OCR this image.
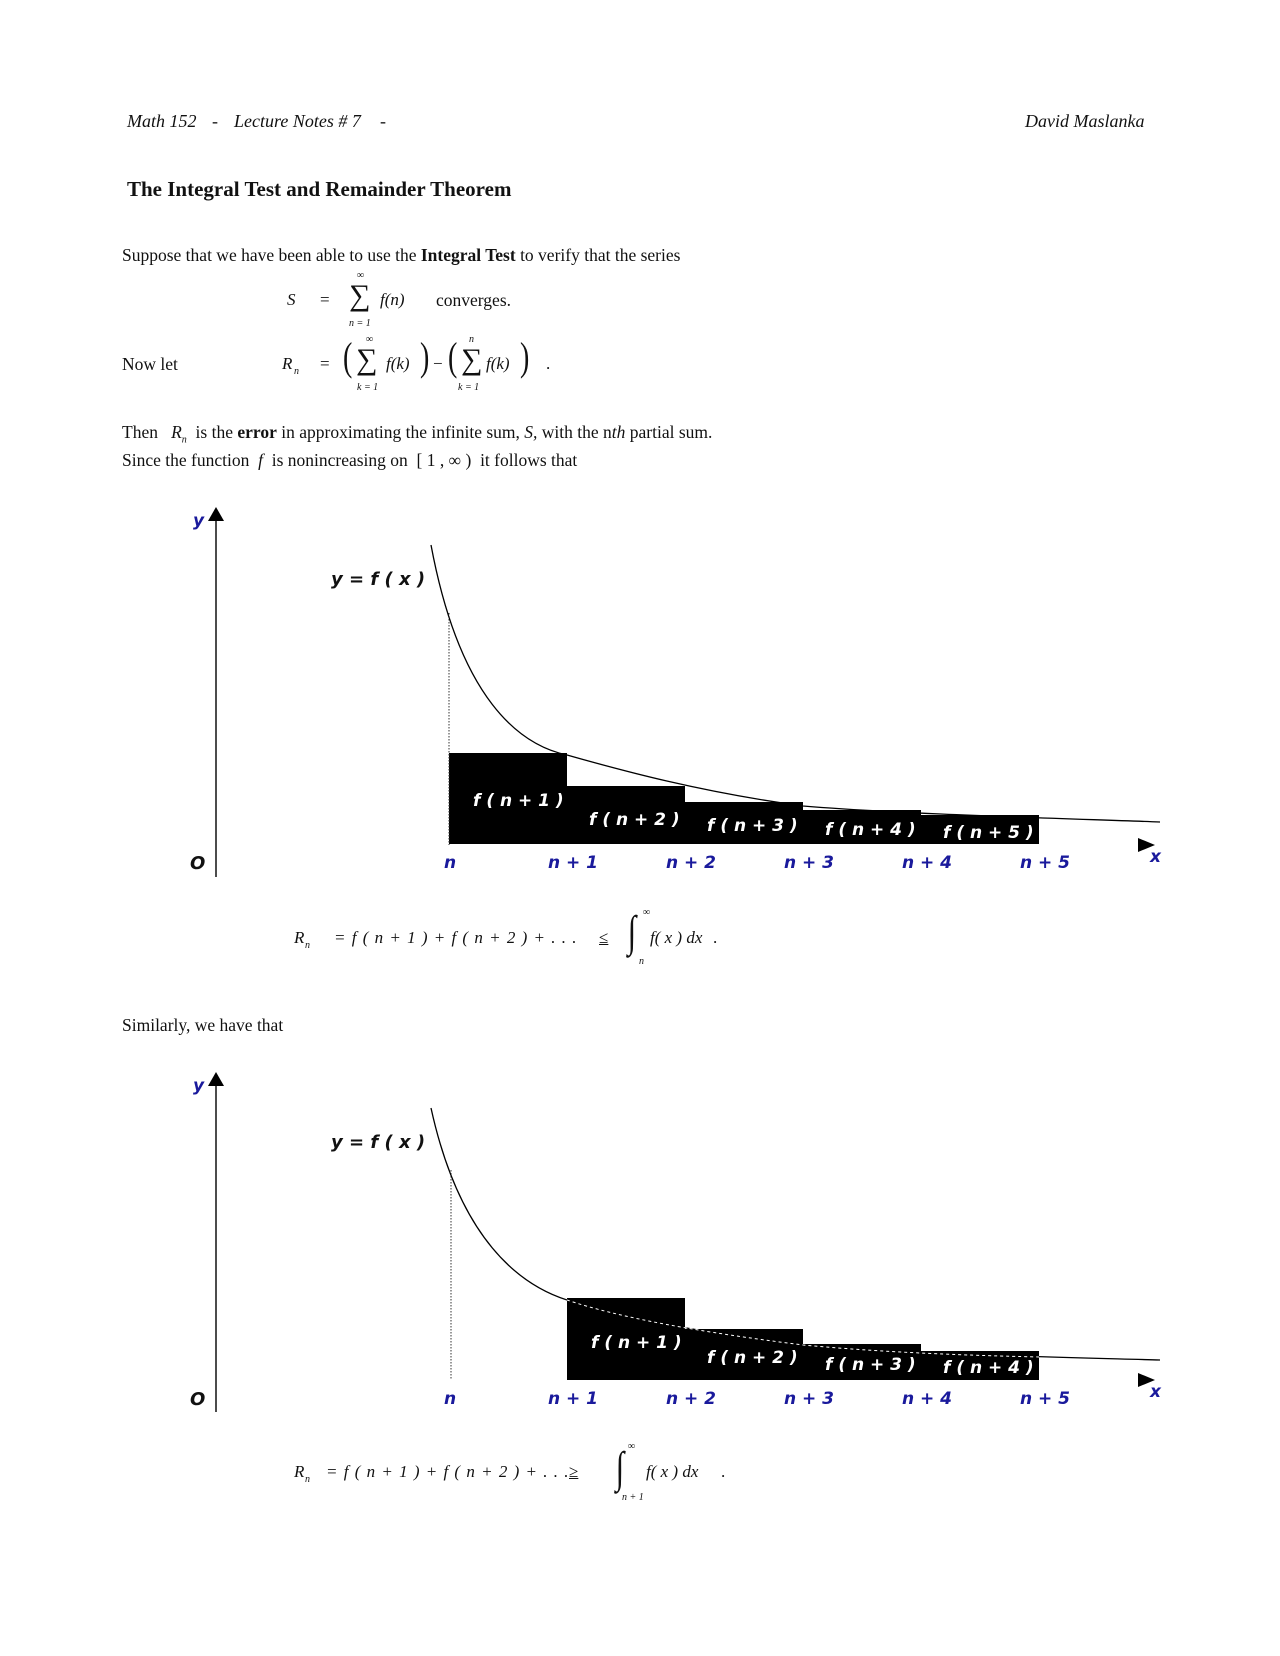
Math 152 - Lecture Notes # 7 -	David Maslanka
The Integral Test and Remainder Theorem
Suppose that we have been able to use the Integral Test to verify that the series
S =
∞
∑ f(n)
n = 1
converges.
Now let	R n = ( ∞
∑ f(k)
k = 1
) − ( n
∑ f(k)
k = 1
) .
Then $R_n$ is the error in approximating the infinite sum, S, with the nth partial sum.
Since the function f is nonincreasing on [ 1 , ∞ ) it follows that
y
O	x
y = f ( x )
f ( n + 1 )
f ( n + 2 ) f ( n + 3 ) f ( n + 4 ) f ( n + 5 )
n	n + 1	n + 2	n + 3	n + 4	n + 5
y
O	x
y = f ( x )
f ( n + 1 )
f ( n + 2 ) f ( n + 3 ) f ( n + 4 )
n	n + 1	n + 2	n + 3	n + 4	n + 5
R n = f ( n + 1 ) + f ( n + 2 ) + . . . ≤
∞
∫ f( x ) dx
n
.
Similarly, we have that
R n = f ( n + 1 ) + f ( n + 2 ) + . . . ≥
∞
∫ f( x ) dx
n + 1
.
